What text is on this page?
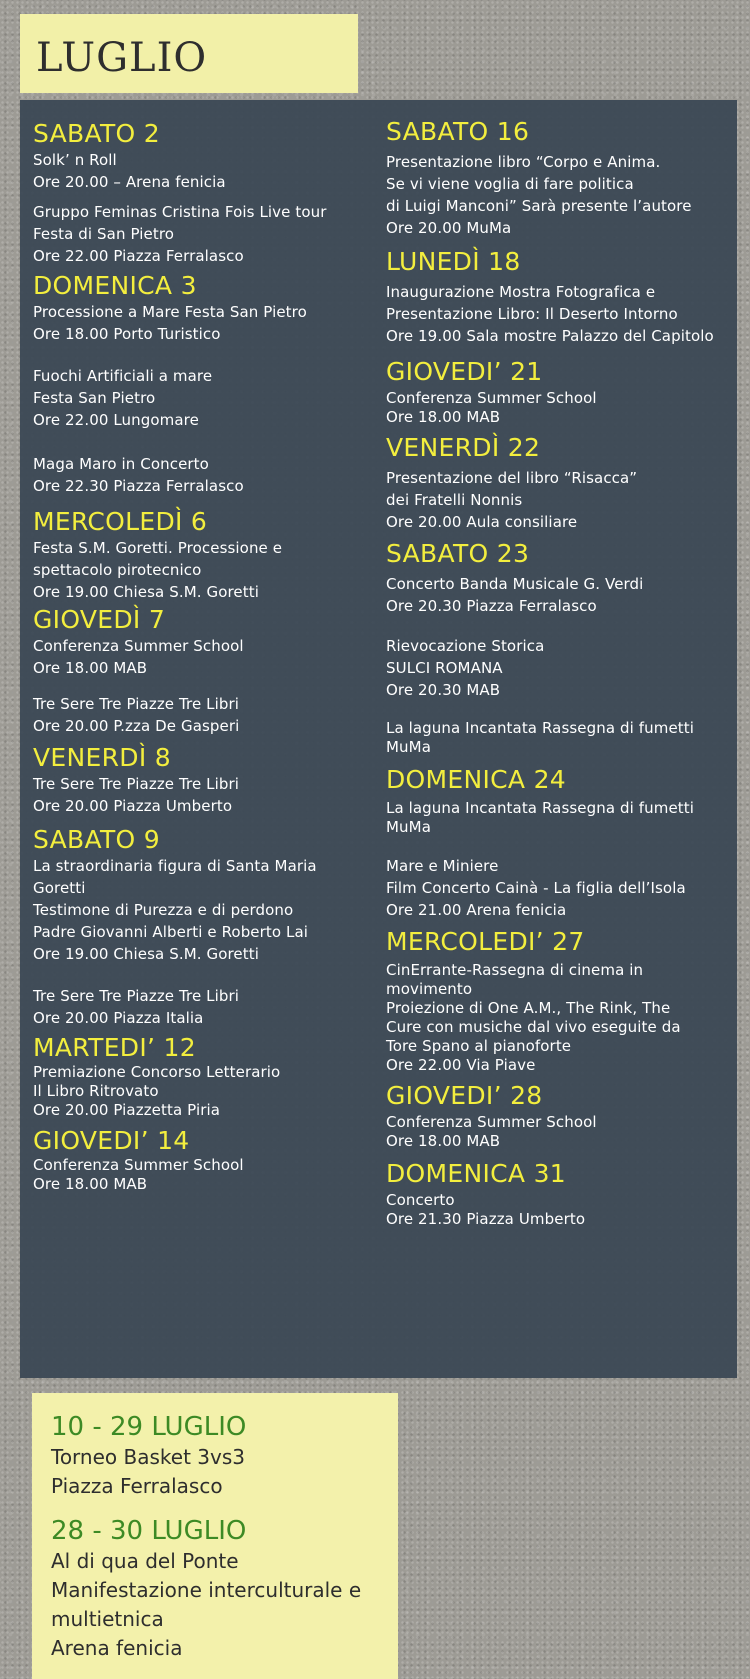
LUGLIO
SABATO 2
Solk’ n Roll
Ore 20.00 – Arena fenicia
Gruppo Feminas Cristina Fois Live tour
Festa di San Pietro
Ore 22.00 Piazza Ferralasco
DOMENICA 3
Processione a Mare Festa San Pietro
Ore 18.00 Porto Turistico
Fuochi Artificiali a mare
Festa San Pietro
Ore 22.00 Lungomare
Maga Maro in Concerto
Ore 22.30 Piazza Ferralasco
MERCOLEDÌ 6
Festa S.M. Goretti. Processione e
spettacolo pirotecnico
Ore 19.00 Chiesa S.M. Goretti
GIOVEDÌ 7
Conferenza Summer School
Ore 18.00 MAB
Tre Sere Tre Piazze Tre Libri
Ore 20.00 P.zza De Gasperi
VENERDÌ 8
Tre Sere Tre Piazze Tre Libri
Ore 20.00 Piazza Umberto
SABATO 9
La straordinaria figura di Santa Maria
Goretti
Testimone di Purezza e di perdono
Padre Giovanni Alberti e Roberto Lai
Ore 19.00 Chiesa S.M. Goretti
Tre Sere Tre Piazze Tre Libri
Ore 20.00 Piazza Italia
MARTEDI’ 12
Premiazione Concorso Letterario
Il Libro Ritrovato
Ore 20.00 Piazzetta Piria
GIOVEDI’ 14
Conferenza Summer School
Ore 18.00 MAB
SABATO 16
Presentazione libro “Corpo e Anima.
Se vi viene voglia di fare politica
di Luigi Manconi” Sarà presente l’autore
Ore 20.00 MuMa
LUNEDÌ 18
Inaugurazione Mostra Fotografica e
Presentazione Libro: Il Deserto Intorno
Ore 19.00 Sala mostre Palazzo del Capitolo
GIOVEDI’ 21
Conferenza Summer School
Ore 18.00 MAB
VENERDÌ 22
Presentazione del libro “Risacca”
dei Fratelli Nonnis
Ore 20.00 Aula consiliare
SABATO 23
Concerto Banda Musicale G. Verdi
Ore 20.30 Piazza Ferralasco
Rievocazione Storica
SULCI ROMANA
Ore 20.30 MAB
La laguna Incantata Rassegna di fumetti
MuMa
DOMENICA 24
La laguna Incantata Rassegna di fumetti
MuMa
Mare e Miniere
Film Concerto Cainà - La figlia dell’Isola
Ore 21.00 Arena fenicia
MERCOLEDI’ 27
CinErrante-Rassegna di cinema in
movimento
Proiezione di One A.M., The Rink, The
Cure con musiche dal vivo eseguite da
Tore Spano al pianoforte
Ore 22.00 Via Piave
GIOVEDI’ 28
Conferenza Summer School
Ore 18.00 MAB
DOMENICA 31
Concerto
Ore 21.30 Piazza Umberto
10 - 29 LUGLIO
Torneo Basket 3vs3
Piazza Ferralasco
28 - 30 LUGLIO
Al di qua del Ponte
Manifestazione interculturale e
multietnica
Arena fenicia
